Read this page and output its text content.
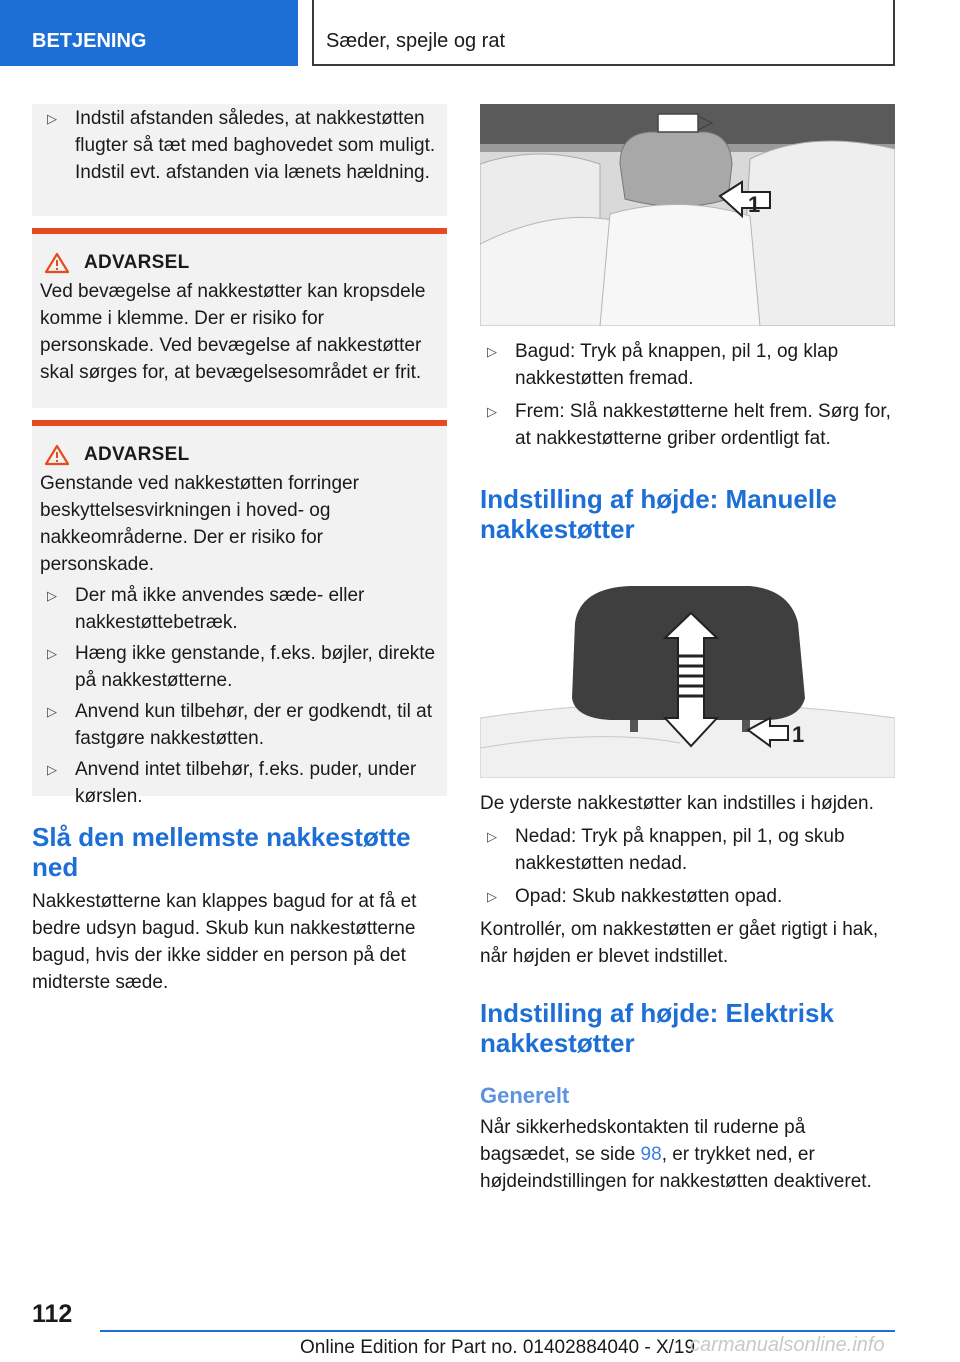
BETJENING	Sæder, spejle og rat
▷ Indstil afstanden således, at nakkestøtten flugter så tæt med baghovedet som muligt. Indstil evt. afstanden via lænets hældning.
ADVARSEL
Ved bevægelse af nakkestøtter kan kropsdele komme i klemme. Der er risiko for personskade. Ved bevægelse af nakkestøtter skal sørges for, at bevægelsesområdet er frit.
ADVARSEL
Genstande ved nakkestøtten forringer beskyttelsesvirkningen i hoved- og nakkeområderne. Der er risiko for personskade.
▷ Der må ikke anvendes sæde- eller nakkestøttebetræk.
▷ Hæng ikke genstande, f.eks. bøjler, direkte på nakkestøtterne.
▷ Anvend kun tilbehør, der er godkendt, til at fastgøre nakkestøtten.
▷ Anvend intet tilbehør, f.eks. puder, under kørslen.
Slå den mellemste nakkestøtte ned
Nakkestøtterne kan klappes bagud for at få et bedre udsyn bagud. Skub kun nakkestøtterne bagud, hvis der ikke sidder en person på det midterste sæde.
1
▷ Bagud: Tryk på knappen, pil 1, og klap nakkestøtten fremad.
▷ Frem: Slå nakkestøtterne helt frem. Sørg for, at nakkestøtterne griber ordentligt fat.
Indstilling af højde: Manuelle nakkestøtter
1
De yderste nakkestøtter kan indstilles i højden.
▷ Nedad: Tryk på knappen, pil 1, og skub nakkestøtten nedad.
▷ Opad: Skub nakkestøtten opad.
Kontrollér, om nakkestøtten er gået rigtigt i hak, når højden er blevet indstillet.
Indstilling af højde: Elektrisk nakkestøtter
Generelt
Når sikkerhedskontakten til ruderne på bagsædet, se side 98, er trykket ned, er højdeindstillingen for nakkestøtten deaktiveret.
112
Online Edition for Part no. 01402884040 - X/19
carmanualsonline.info
